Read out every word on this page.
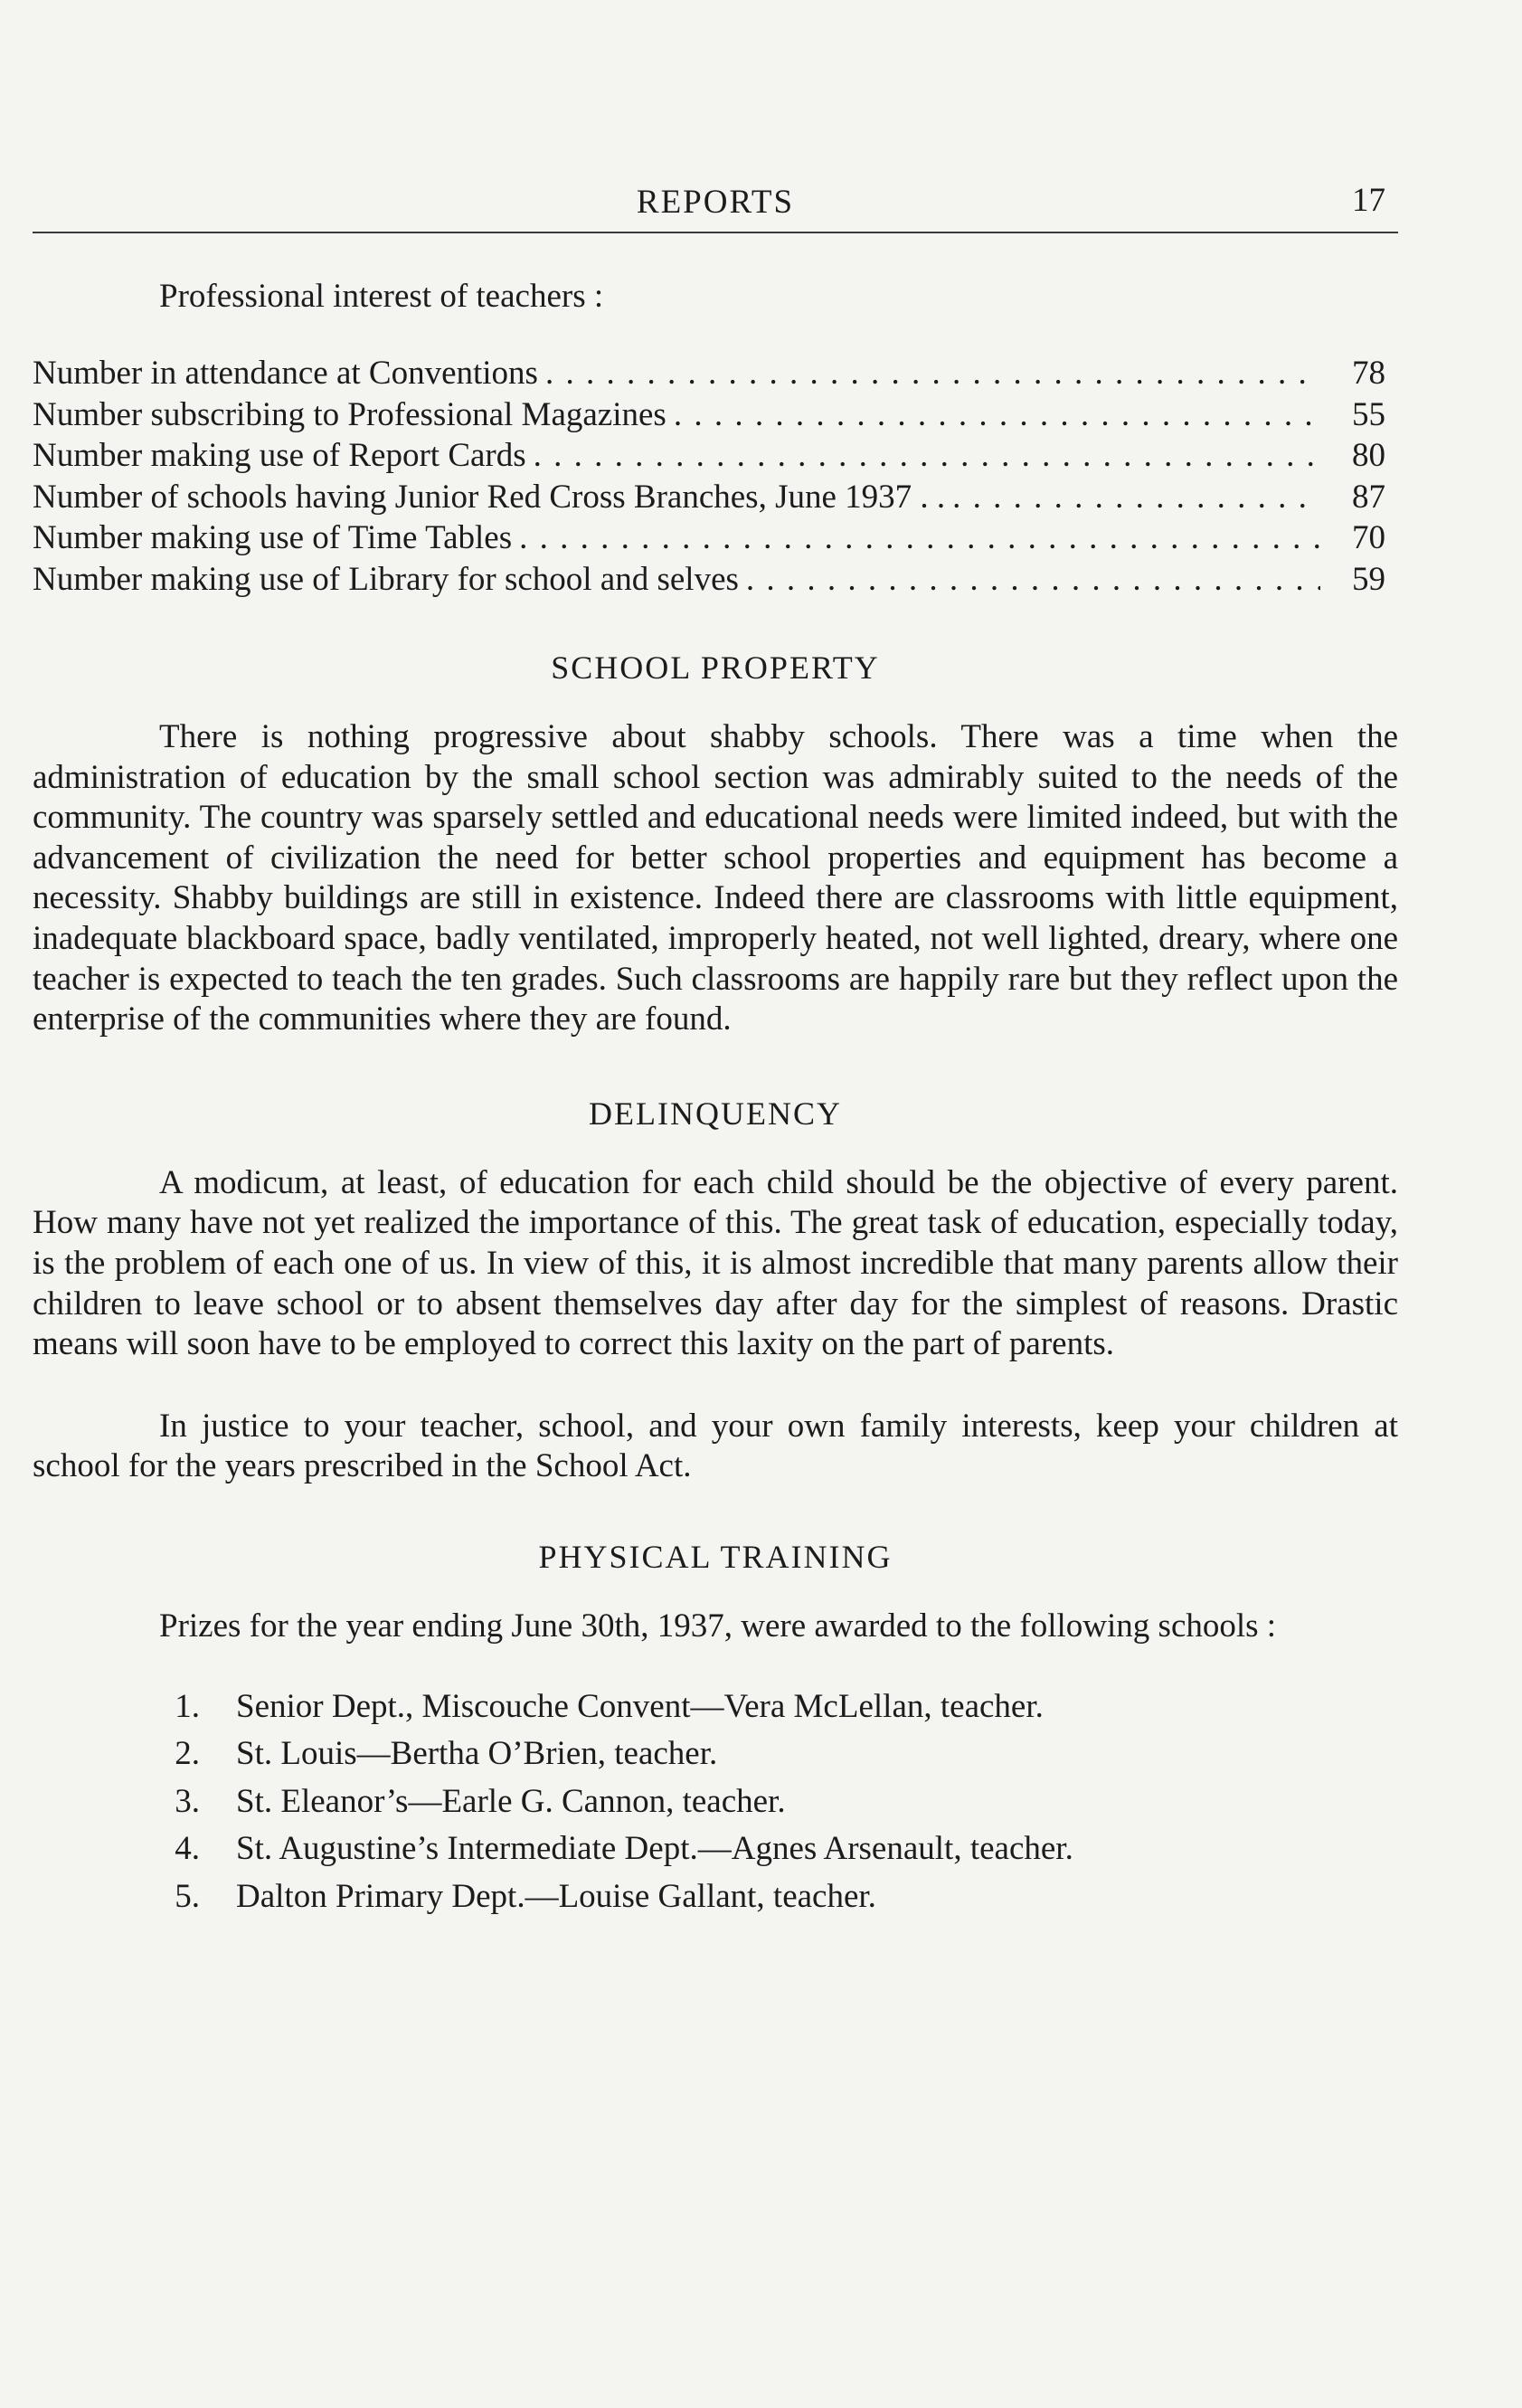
REPORTS	17
Professional interest of teachers :
Number in attendance at Conventions . . .	78
Number subscribing to Professional Magazines . . .	55
Number making use of Report Cards . . .	80
Number of schools having Junior Red Cross Branches, June 1937 . . . . .	87
Number making use of Time Tables . . .	70
Number making use of Library for school and selves . . .	59
SCHOOL PROPERTY

There is nothing progressive about shabby schools. There was a time when the administration of education by the small school section was admirably suited to the needs of the community. The country was sparsely settled and educational needs were limited indeed, but with the advancement of civilization the need for better school properties and equipment has become a necessity. Shabby buildings are still in existence. Indeed there are classrooms with little equipment, inadequate blackboard space, badly ventilated, improperly heated, not well lighted, dreary, where one teacher is expected to teach the ten grades. Such classrooms are happily rare but they reflect upon the enterprise of the communities where they are found.

DELINQUENCY

A modicum, at least, of education for each child should be the objective of every parent. How many have not yet realized the importance of this. The great task of education, especially today, is the problem of each one of us. In view of this, it is almost incredible that many parents allow their children to leave school or to absent themselves day after day for the simplest of reasons. Drastic means will soon have to be employed to correct this laxity on the part of parents.

In justice to your teacher, school, and your own family interests, keep your children at school for the years prescribed in the School Act.

PHYSICAL TRAINING

Prizes for the year ending June 30th, 1937, were awarded to the following schools :

1.	Senior Dept., Miscouche Convent—Vera McLellan, teacher.
2.	St. Louis—Bertha O’Brien, teacher.
3.	St. Eleanor’s—Earle G. Cannon, teacher.
4.	St. Augustine’s Intermediate Dept.—Agnes Arsenault, teacher.
5.	Dalton Primary Dept.—Louise Gallant, teacher.
